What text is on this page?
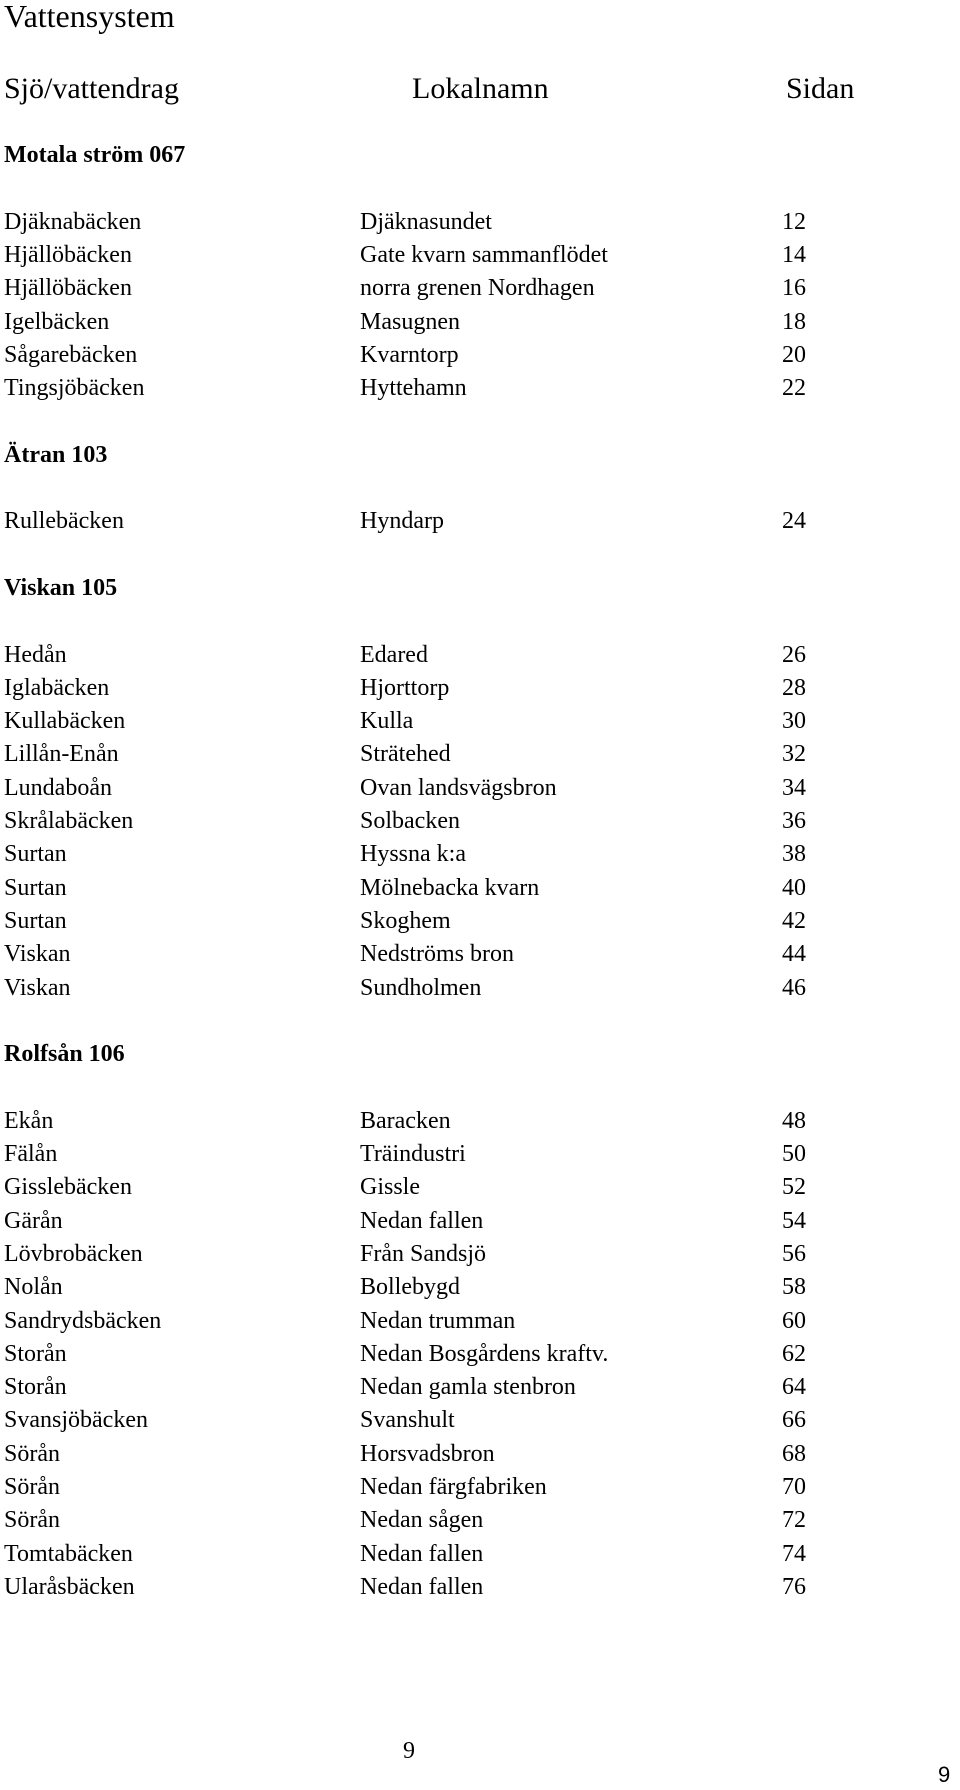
Vattensystem
Sjö/vattendrag	Lokalnamn	Sidan
Motala ström 067
Djäknabäcken	Djäknasundet	12
Hjällöbäcken	Gate kvarn sammanflödet	14
Hjällöbäcken	norra grenen Nordhagen	16
Igelbäcken	Masugnen	18
Sågarebäcken	Kvarntorp	20
Tingsjöbäcken	Hyttehamn	22
Ätran 103
Rullebäcken	Hyndarp	24
Viskan 105
Hedån	Edared	26
Iglabäcken	Hjorttorp	28
Kullabäcken	Kulla	30
Lillån-Enån	Strätehed	32
Lundaboån	Ovan landsvägsbron	34
Skrålabäcken	Solbacken	36
Surtan	Hyssna k:a	38
Surtan	Mölnebacka kvarn	40
Surtan	Skoghem	42
Viskan	Nedströms bron	44
Viskan	Sundholmen	46
Rolfsån 106
Ekån	Baracken	48
Fälån	Träindustri	50
Gisslebäcken	Gissle	52
Gärån	Nedan fallen	54
Lövbrobäcken	Från Sandsjö	56
Nolån	Bollebygd	58
Sandrydsbäcken	Nedan trumman	60
Storån	Nedan Bosgårdens kraftv.	62
Storån	Nedan gamla stenbron	64
Svansjöbäcken	Svanshult	66
Sörån	Horsvadsbron	68
Sörån	Nedan färgfabriken	70
Sörån	Nedan sågen	72
Tomtabäcken	Nedan fallen	74
Ularåsbäcken	Nedan fallen	76
9
9
